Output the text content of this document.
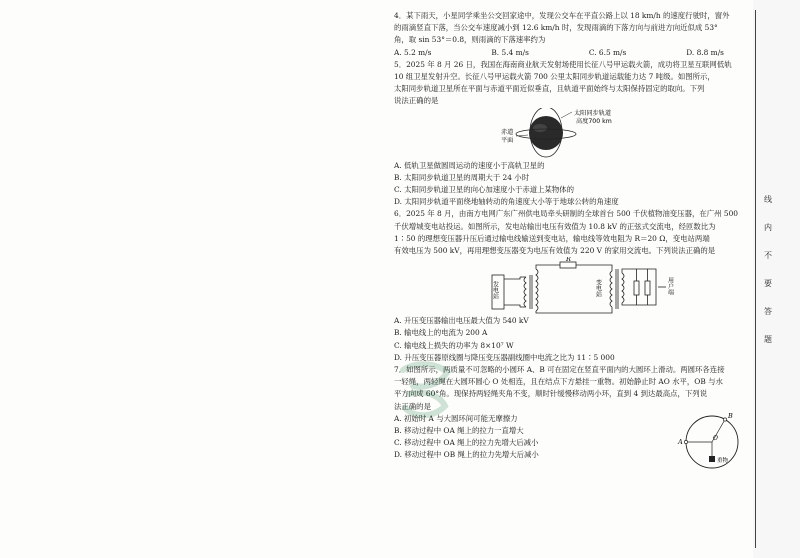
4．某下雨天，小星同学乘坐公交回家途中，发现公交车在平直公路上以 18 km/h 的速度行驶时，窗外
的雨滴竖直下落，当公交车速度减小到 12.6 km/h 时，发现雨滴的下落方向与前进方向近似成 53°
角，取 sin 53°＝0.8，则雨滴的下落速率约为
A. 5.2 m/s	B. 5.4 m/s	C. 6.5 m/s	D. 8.8 m/s
5．2025 年 8 月 26 日，我国在海南商业航天发射场使用长征八号甲运载火箭，成功将卫星互联网低轨
10 组卫星发射升空。长征八号甲运载火箭 700 公里太阳同步轨道运载能力达 7 吨级。如图所示，
太阳同步轨道卫星所在平面与赤道平面近似垂直，且轨道平面始终与太阳保持固定的取向。下列
说法正确的是
太阳同步轨道
高度700 km
赤道
平面
A. 低轨卫星做圆周运动的速度小于高轨卫星的
B. 太阳同步轨道卫星的周期大于 24 小时
C. 太阳同步轨道卫星的向心加速度小于赤道上某物体的
D. 太阳同步轨道平面绕地轴转动的角速度大小等于地球公转的角速度
6．2025 年 8 月，由南方电网广东广州供电局牵头研制的全球首台 500 千伏植物油变压器，在广州 500
千伏增城变电站投运。如图所示，发电站输出电压有效值为 10.8 kV 的正弦式交流电，经匝数比为
1∶50 的理想变压器升压后通过输电线输送到变电站，输电线等效电阻为 R＝20 Ω，变电站两端
有效电压为 500 kV，再用理想变压器变为电压有效值为 220 V 的家用交流电。下列说法正确的是
发电站
R
变电站	用户端
A. 升压变压器输出电压最大值为 540 kV
B. 输电线上的电流为 200 A
C. 输电线上损失的功率为 8×10⁷ W
D. 升压变压器原线圈与降压变压器副线圈中电流之比为 11∶5 000
7．如图所示，两质量不可忽略的小圆环 A、B 可在固定在竖直平面内的大圆环上滑动。两圆环各连接
一轻绳，两轻绳在大圆环圆心 O 处相连，且在结点下方悬挂一重物。初始静止时 AO 水平，OB 与水
平方向成 60°角。现保持两轻绳夹角不变，顺时针缓慢移动两小环，直到 4 到达最高点，下列说
法正确的是
A. 初始时 A 与大圆环间可能无摩擦力
B. 移动过程中 OA 绳上的拉力一直增大
C. 移动过程中 OA 绳上的拉力先增大后减小
D. 移动过程中 OB 绳上的拉力先增大后减小
A
B
O
重物
线
内
不
要
答
题
